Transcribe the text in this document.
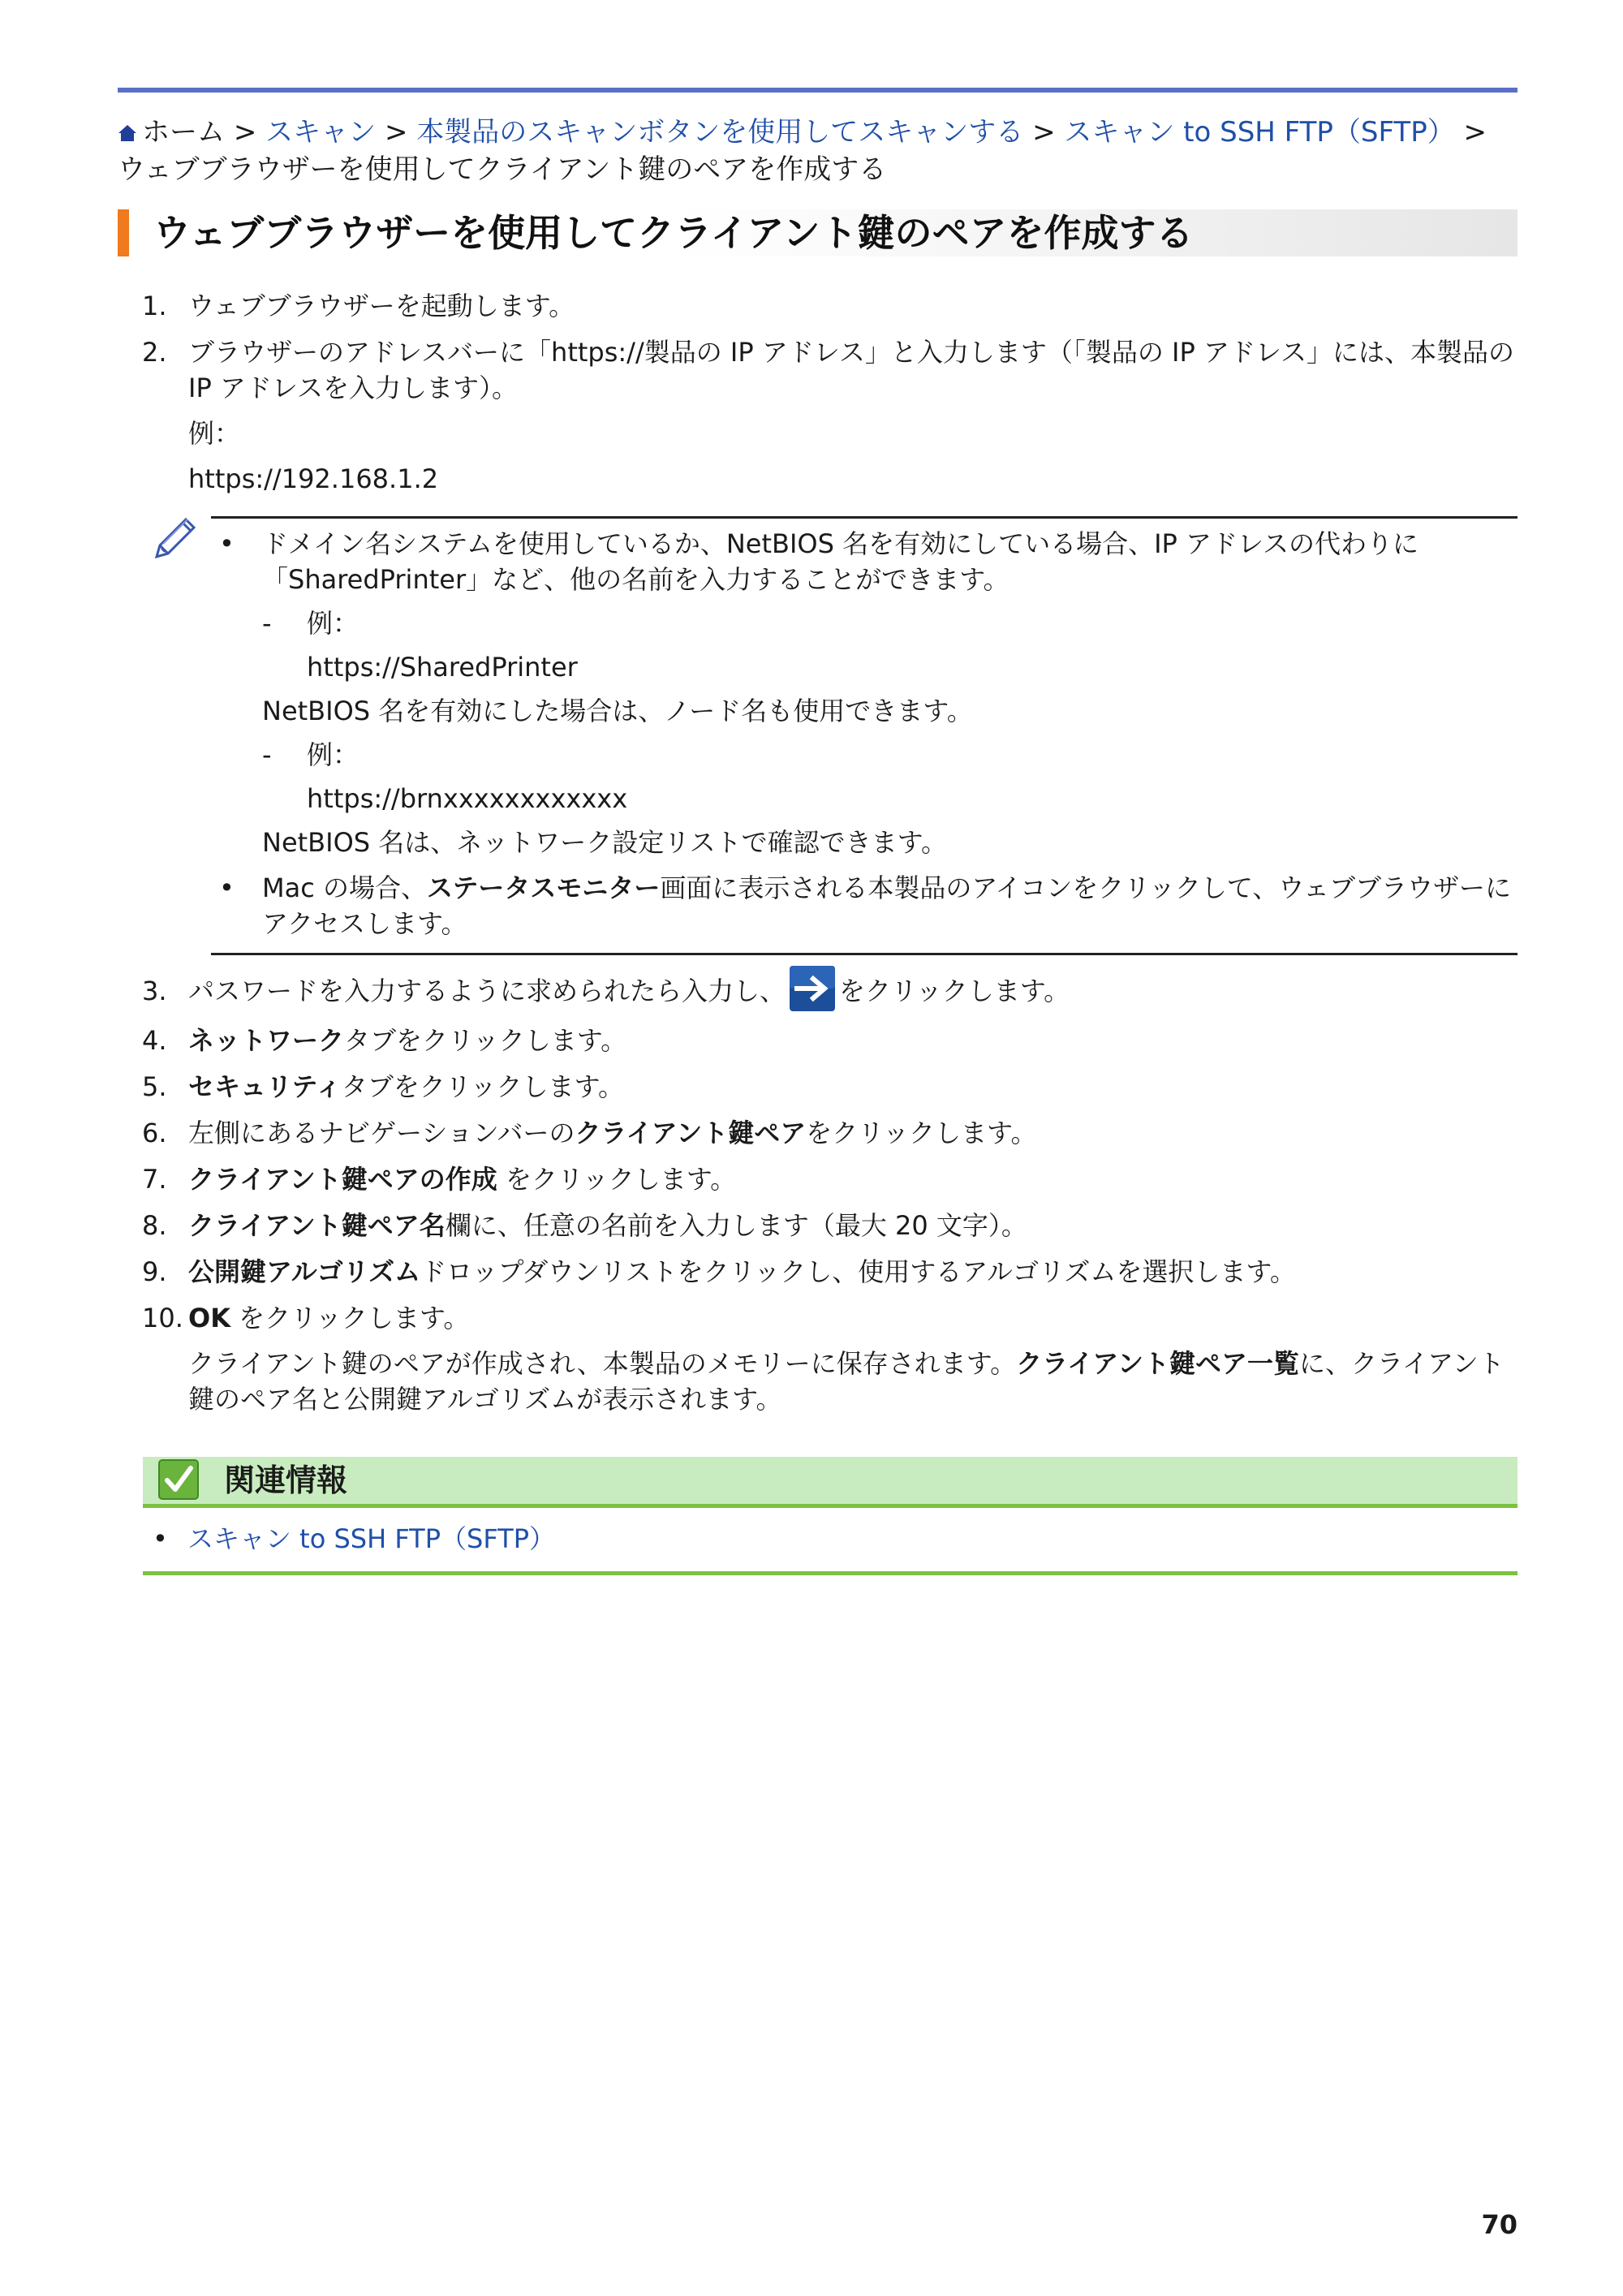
ホーム > スキャン > 本製品のスキャンボタンを使用してスキャンする > スキャン to SSH FTP（SFTP） > ウェブブラウザーを使用してクライアント鍵のペアを作成する
ウェブブラウザーを使用してクライアント鍵のペアを作成する
1. ウェブブラウザーを起動します。
2. ブラウザーのアドレスバーに「https://製品の IP アドレス」と入力します（「製品の IP アドレス」には、本製品の IP アドレスを入力します）。
例：
https://192.168.1.2
• ドメイン名システムを使用しているか、NetBIOS 名を有効にしている場合、IP アドレスの代わりに「SharedPrinter」など、他の名前を入力することができます。
- 例：
https://SharedPrinter
NetBIOS 名を有効にした場合は、ノード名も使用できます。
- 例：
https://brnxxxxxxxxxxxx
NetBIOS 名は、ネットワーク設定リストで確認できます。
• Mac の場合、ステータスモニター画面に表示される本製品のアイコンをクリックして、ウェブブラウザーにアクセスします。
3. パスワードを入力するように求められたら入力し、 をクリックします。
4. ネットワークタブをクリックします。
5. セキュリティタブをクリックします。
6. 左側にあるナビゲーションバーのクライアント鍵ペアをクリックします。
7. クライアント鍵ペアの作成 をクリックします。
8. クライアント鍵ペア名欄に、任意の名前を入力します（最大 20 文字）。
9. 公開鍵アルゴリズムドロップダウンリストをクリックし、使用するアルゴリズムを選択します。
10. OK をクリックします。
クライアント鍵のペアが作成され、本製品のメモリーに保存されます。クライアント鍵ペア一覧に、クライアント鍵のペア名と公開鍵アルゴリズムが表示されます。
関連情報
• スキャン to SSH FTP（SFTP）
70
